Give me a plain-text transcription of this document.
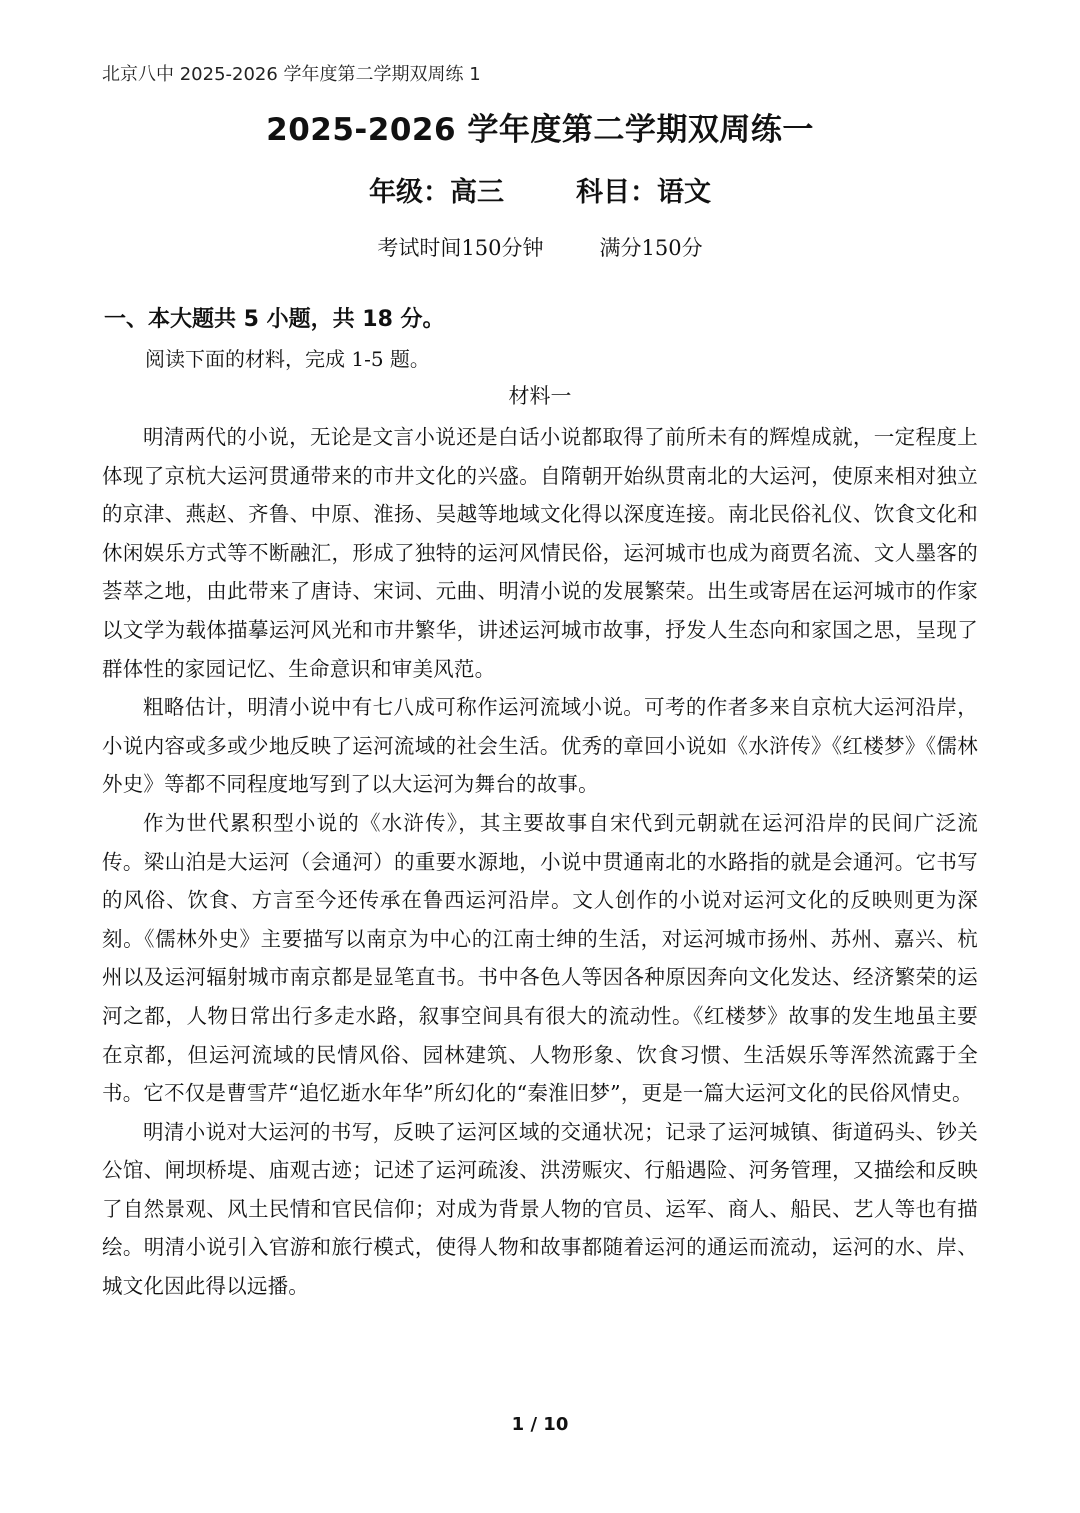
北京八中 2025-2026 学年度第二学期双周练 1
2025-2026 学年度第二学期双周练一
年级：高三	科目：语文
考试时间150分钟	满分150分
一、本大题共 5 小题，共 18 分。
阅读下面的材料，完成 1-5 题。
材料一

明清两代的小说，无论是文言小说还是白话小说都取得了前所未有的辉煌成就，一定程度上体现了京杭大运河贯通带来的市井文化的兴盛。自隋朝开始纵贯南北的大运河，使原来相对独立的京津、燕赵、齐鲁、中原、淮扬、吴越等地域文化得以深度连接。南北民俗礼仪、饮食文化和休闲娱乐方式等不断融汇，形成了独特的运河风情民俗，运河城市也成为商贾名流、文人墨客的荟萃之地，由此带来了唐诗、宋词、元曲、明清小说的发展繁荣。出生或寄居在运河城市的作家以文学为载体描摹运河风光和市井繁华，讲述运河城市故事，抒发人生态向和家国之思，呈现了群体性的家园记忆、生命意识和审美风范。

粗略估计，明清小说中有七八成可称作运河流域小说。可考的作者多来自京杭大运河沿岸，小说内容或多或少地反映了运河流域的社会生活。优秀的章回小说如《水浒传》《红楼梦》《儒林外史》等都不同程度地写到了以大运河为舞台的故事。

作为世代累积型小说的《水浒传》，其主要故事自宋代到元朝就在运河沿岸的民间广泛流传。梁山泊是大运河（会通河）的重要水源地，小说中贯通南北的水路指的就是会通河。它书写的风俗、饮食、方言至今还传承在鲁西运河沿岸。文人创作的小说对运河文化的反映则更为深刻。《儒林外史》主要描写以南京为中心的江南士绅的生活，对运河城市扬州、苏州、嘉兴、杭州以及运河辐射城市南京都是显笔直书。书中各色人等因各种原因奔向文化发达、经济繁荣的运河之都，人物日常出行多走水路，叙事空间具有很大的流动性。《红楼梦》故事的发生地虽主要在京都，但运河流域的民情风俗、园林建筑、人物形象、饮食习惯、生活娱乐等浑然流露于全书。它不仅是曹雪芹“追忆逝水年华”所幻化的“秦淮旧梦”，更是一篇大运河文化的民俗风情史。

明清小说对大运河的书写，反映了运河区域的交通状况；记录了运河城镇、街道码头、钞关公馆、闸坝桥堤、庙观古迹；记述了运河疏浚、洪涝赈灾、行船遇险、河务管理，又描绘和反映了自然景观、风土民情和官民信仰；对成为背景人物的官员、运军、商人、船民、艺人等也有描绘。明清小说引入官游和旅行模式，使得人物和故事都随着运河的通运而流动，运河的水、岸、城文化因此得以远播。

1 / 10
